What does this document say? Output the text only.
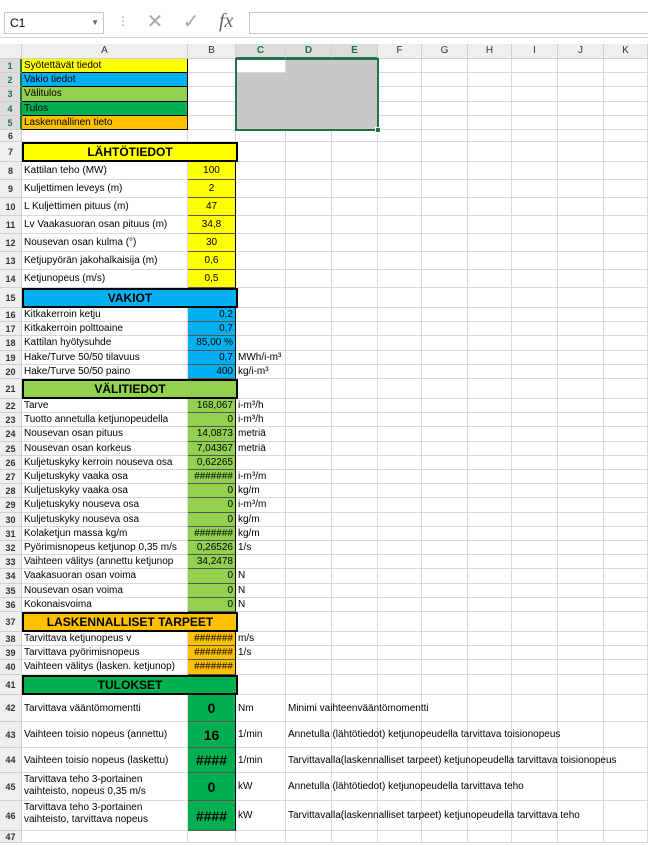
C1	▼ ⋮ ✕ ✓ fx
A	B	C	D	E	F	G	H	I	J	K
1	Syötettävät tiedot
2	Vakio tiedot
3	Välitulos
4	Tulos
5	Laskennallinen tieto
6
7	LÄHTÖTIEDOT
8	Kattilan teho (MW)	100
9	Kuljettimen leveys (m)	2
10 L Kuljettimen pituus (m)	47
11 Lv Vaakasuoran osan pituus (m)	34,8
12 Nousevan osan kulma (°)	30
13 Ketjupyörän jakohalkaisija (m)	0,6
14 Ketjunopeus (m/s)	0,5
15	VAKIOT
16 Kitkakerroin ketju	0,2
17 Kitkakerroin polttoaine	0,7
18 Kattilan hyötysuhde	85,00 %
19 Hake/Turve 50/50 tilavuus	0,7 MWh/i-m³
20 Hake/Turve 50/50 paino	400 kg/i-m³
21	VÄLITIEDOT
22 Tarve	168,067 i-m³/h
23 Tuotto annetulla ketjunopeudella	0 i-m³/h
24 Nousevan osan pituus	14,0873 metriä
25 Nousevan osan korkeus	7,04367 metriä
26 Kuljetuskyky kerroin nouseva osa	0,62265
27 Kuljetuskyky vaaka osa	####### i-m³/m
28 Kuljetuskyky vaaka osa	0 kg/m
29 Kuljetuskyky nouseva osa	0 i-m³/m
30 Kuljetuskyky nouseva osa	0 kg/m
31 Kolaketjun massa kg/m	####### kg/m
32 Pyörimisnopeus ketjunop 0,35 m/s	0,26526 1/s
33 Vaihteen välitys (annettu ketjunop	34,2478
34 Vaakasuoran osan voima	0 N
35 Nousevan osan voima	0 N
36 Kokonaisvoima	0 N
37	LASKENNALLISET TARPEET
38 Tarvittava ketjunopeus v	####### m/s
39 Tarvittava pyörimisnopeus	####### 1/s
40 Vaihteen välitys (lasken. ketjunop)	#######
41	TULOKSET
42 Tarvittava vääntömomentti	0	Nm	Minimi vaihteenvääntömomentti
43 Vaihteen toisio nopeus (annettu)	16	1/min	Annetulla (lähtötiedot) ketjunopeudella tarvittava toisionopeus
44 Vaihteen toisio nopeus (laskettu)	####	1/min	Tarvittavalla(laskennalliset tarpeet) ketjunopeudella tarvittava toisionopeus
45
Tarvittava teho 3-portainen vaihteisto, nopeus 0,35 m/s	0	kW	Annetulla (lähtötiedot) ketjunopeudella tarvittava teho
46
Tarvittava teho 3-portainen vaihteisto, tarvittava nopeus	####	kW	Tarvittavalla(laskennalliset tarpeet) ketjunopeudella tarvittava teho
47
